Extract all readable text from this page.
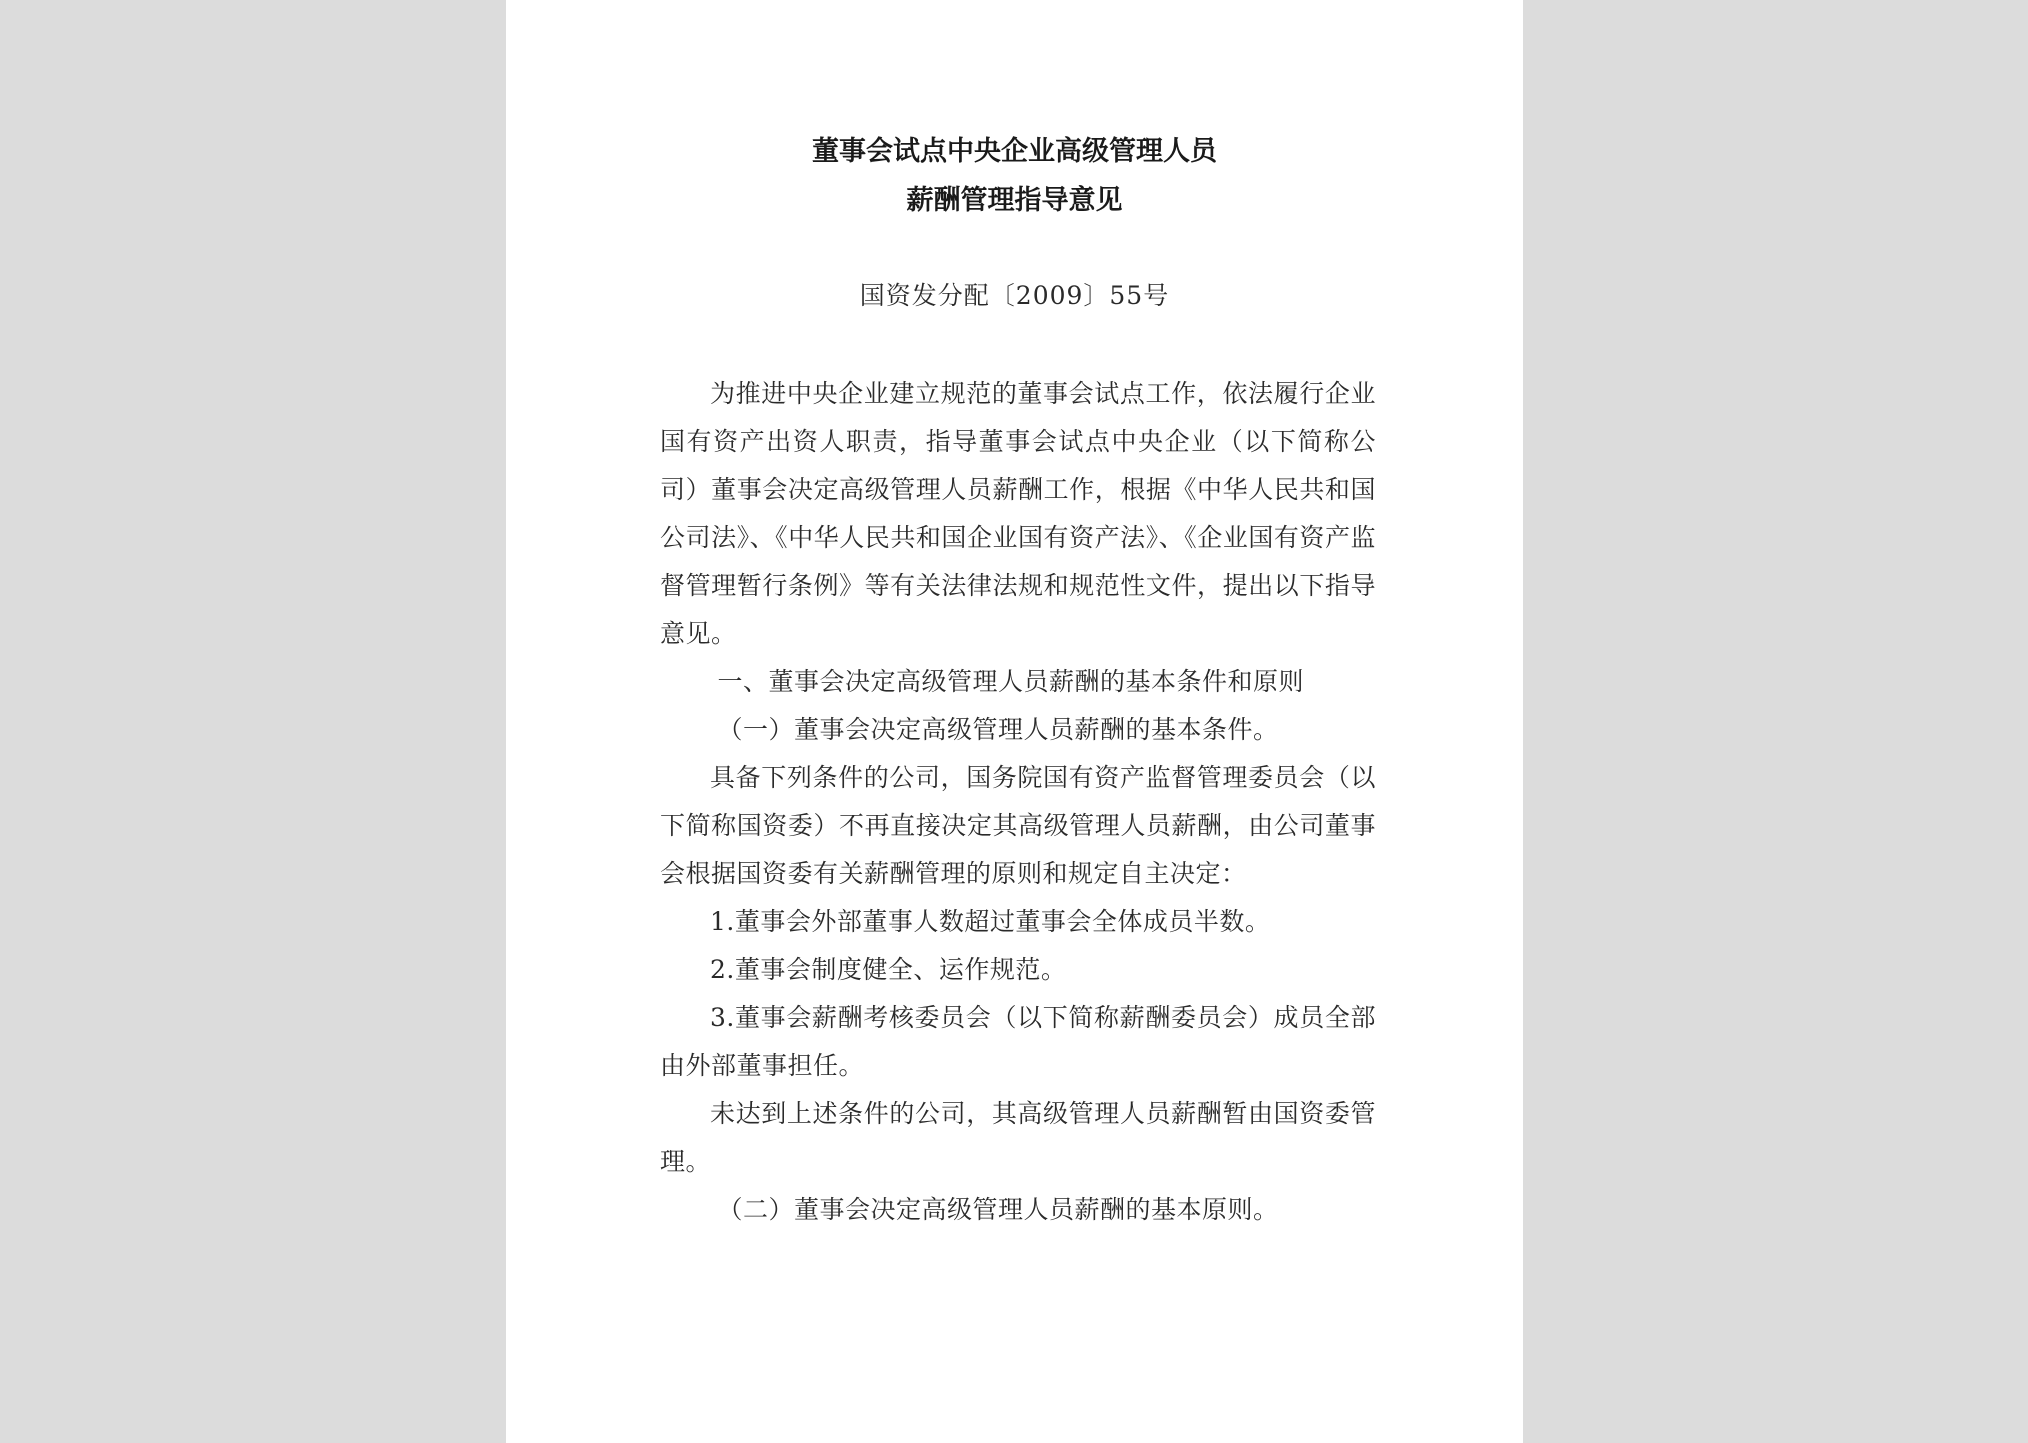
董事会试点中央企业高级管理人员
薪酬管理指导意见
国资发分配〔2009〕55号

为推进中央企业建立规范的董事会试点工作，依法履行企业国有资产出资人职责，指导董事会试点中央企业（以下简称公司）董事会决定高级管理人员薪酬工作，根据《中华人民共和国公司法》、《中华人民共和国企业国有资产法》、《企业国有资产监督管理暂行条例》等有关法律法规和规范性文件，提出以下指导意见。

一、董事会决定高级管理人员薪酬的基本条件和原则

（一）董事会决定高级管理人员薪酬的基本条件。

具备下列条件的公司，国务院国有资产监督管理委员会（以下简称国资委）不再直接决定其高级管理人员薪酬，由公司董事会根据国资委有关薪酬管理的原则和规定自主决定：

1.董事会外部董事人数超过董事会全体成员半数。

2.董事会制度健全、运作规范。

3.董事会薪酬考核委员会（以下简称薪酬委员会）成员全部由外部董事担任。

未达到上述条件的公司，其高级管理人员薪酬暂由国资委管理。

（二）董事会决定高级管理人员薪酬的基本原则。
